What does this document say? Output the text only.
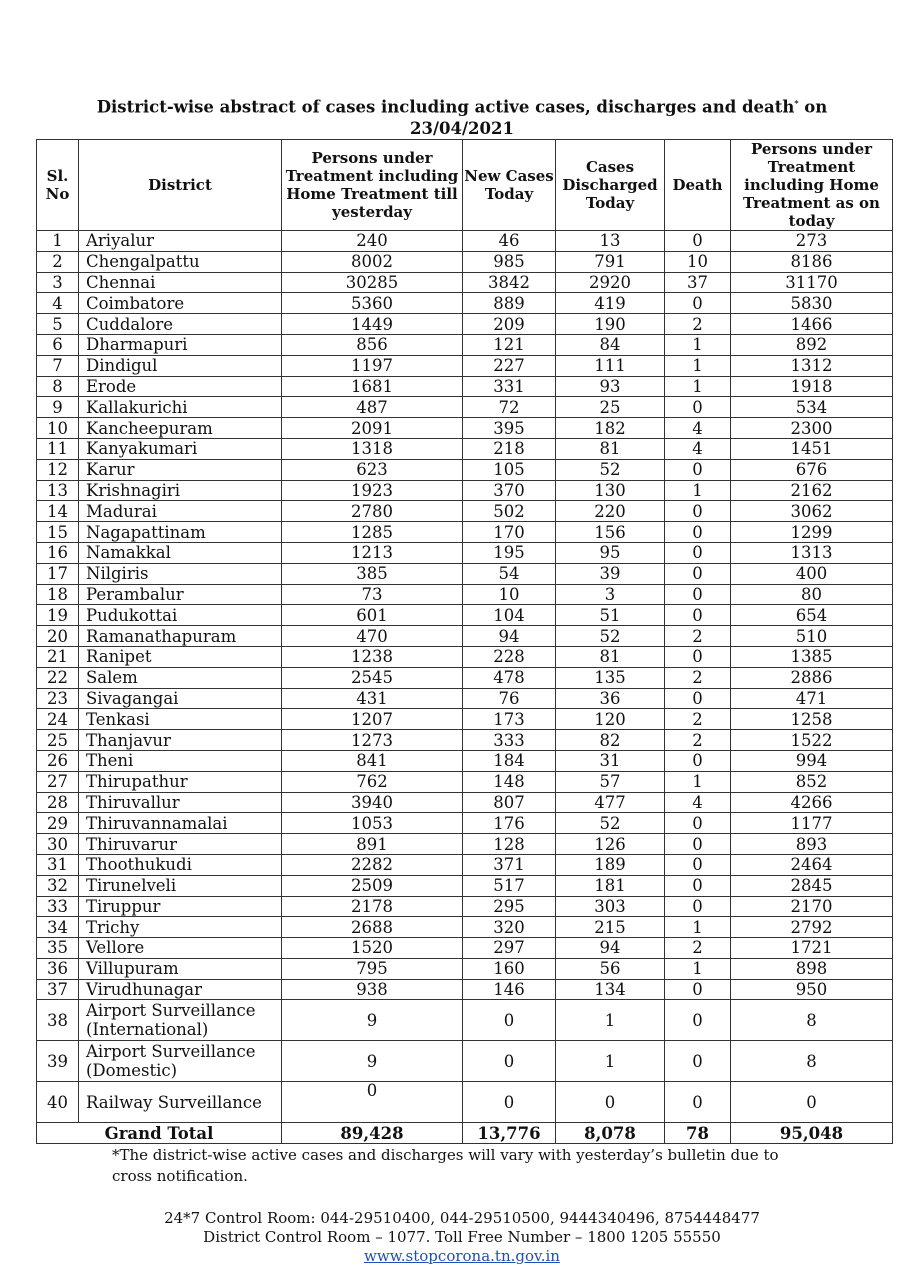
District-wise abstract of cases including active cases, discharges and death* on
23/04/2021
Sl. No	District	Persons under Treatment including Home Treatment till yesterday	New Cases Today	Cases Discharged Today	Death	Persons under Treatment including Home Treatment as on today
1	Ariyalur	240	46	13	0	273
2	Chengalpattu	8002	985	791	10	8186
3	Chennai	30285	3842	2920	37	31170
4	Coimbatore	5360	889	419	0	5830
5	Cuddalore	1449	209	190	2	1466
6	Dharmapuri	856	121	84	1	892
7	Dindigul	1197	227	111	1	1312
8	Erode	1681	331	93	1	1918
9	Kallakurichi	487	72	25	0	534
10	Kancheepuram	2091	395	182	4	2300
11	Kanyakumari	1318	218	81	4	1451
12	Karur	623	105	52	0	676
13	Krishnagiri	1923	370	130	1	2162
14	Madurai	2780	502	220	0	3062
15	Nagapattinam	1285	170	156	0	1299
16	Namakkal	1213	195	95	0	1313
17	Nilgiris	385	54	39	0	400
18	Perambalur	73	10	3	0	80
19	Pudukottai	601	104	51	0	654
20	Ramanathapuram	470	94	52	2	510
21	Ranipet	1238	228	81	0	1385
22	Salem	2545	478	135	2	2886
23	Sivagangai	431	76	36	0	471
24	Tenkasi	1207	173	120	2	1258
25	Thanjavur	1273	333	82	2	1522
26	Theni	841	184	31	0	994
27	Thirupathur	762	148	57	1	852
28	Thiruvallur	3940	807	477	4	4266
29	Thiruvannamalai	1053	176	52	0	1177
30	Thiruvarur	891	128	126	0	893
31	Thoothukudi	2282	371	189	0	2464
32	Tirunelveli	2509	517	181	0	2845
33	Tiruppur	2178	295	303	0	2170
34	Trichy	2688	320	215	1	2792
35	Vellore	1520	297	94	2	1721
36	Villupuram	795	160	56	1	898
37	Virudhunagar	938	146	134	0	950
38	Airport Surveillance (International)	9	0	1	0	8
39	Airport Surveillance (Domestic)	9	0	1	0	8
40	Railway Surveillance	0	0	0	0	0
Grand Total		89,428	13,776	8,078	78	95,048
*The district-wise active cases and discharges will vary with yesterday’s bulletin due to cross notification.
24*7 Control Room: 044-29510400, 044-29510500, 9444340496, 8754448477
District Control Room – 1077. Toll Free Number – 1800 1205 55550
www.stopcorona.tn.gov.in
